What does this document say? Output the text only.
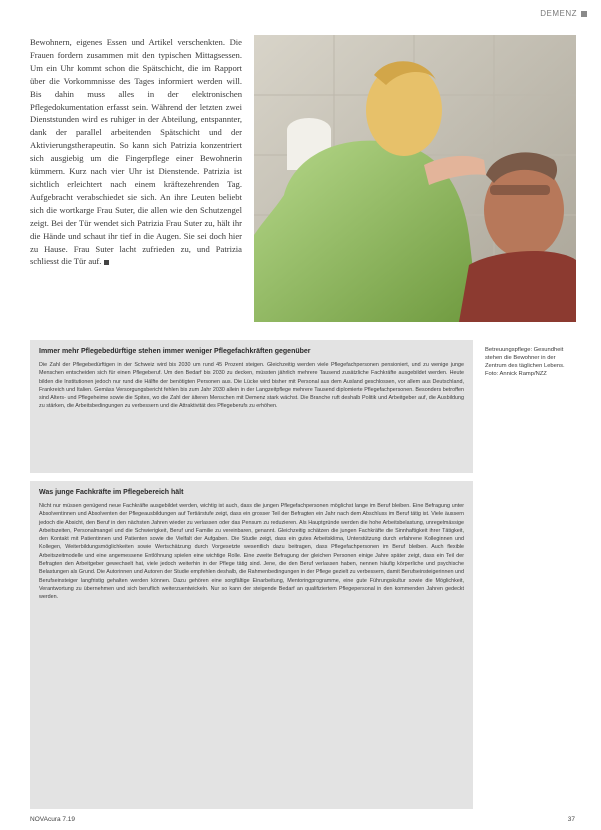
DEMENZ

Bewohnern, eigenes Essen und Artikel verschenkten. Die Frauen fordern zusammen mit den typischen Mittagsessen. Um ein Uhr kommt schon die Spätschicht, die im Rapport über die Vorkommnisse des Tages informiert werden will. Bis dahin muss alles in der elektronischen Pflegedokumentation erfasst sein. Während der letzten zwei Dienststunden wird es ruhiger in der Abteilung, entspannter, dank der parallel arbeitenden Spätschicht und der Aktivierungstherapeutin. So kann sich Patrizia konzentriert sich ausgiebig um die Fingerpflege einer Bewohnerin kümmern. Kurz nach vier Uhr ist Dienstende. Patrizia ist sichtlich erleichtert nach einem kräftezehrenden Tag. Aufgebracht verabschiedet sie sich. An ihre Leuten beliebt sich die wortkarge Frau Suter, die allen wie den Schutzengel zeigt. Bei der Tür wendet sich Patrizia Frau Suter zu, hält ihr die Hände und schaut ihr tief in die Augen. Sie sei doch hier zu Hause. Frau Suter lacht zufrieden zu, und Patrizia schliesst die Tür auf.

Betreuungspflege: Gesundheit stehen die Bewohner in der Zentrum des täglichen Lebens. Foto: Annick Ramp/NZZ
Immer mehr Pflegebedürftige stehen immer weniger Pflegefachkräften gegenüber

Die Zahl der Pflegebedürftigen in der Schweiz wird bis 2030 um rund 45 Prozent steigen. Gleichzeitig werden viele Pflegefachpersonen pensioniert, und zu wenige junge Menschen entscheiden sich für einen Pflegeberuf. Um den Bedarf bis 2030 zu decken, müssten jährlich mehrere Tausend zusätzliche Fachkräfte ausgebildet werden. Heute bilden die Institutionen jedoch nur rund die Hälfte der benötigten Personen aus. Die Lücke wird bisher mit Personal aus dem Ausland geschlossen, vor allem aus Deutschland, Frankreich und Italien. Gemäss Versorgungsbericht fehlen bis zum Jahr 2030 allein in der Langzeitpflege mehrere Tausend diplomierte Pflegefachpersonen. Besonders betroffen sind Alters- und Pflegeheime sowie die Spitex, wo die Zahl der älteren Menschen mit Demenz stark wächst. Die Branche ruft deshalb Politik und Arbeitgeber auf, die Ausbildung zu stärken, die Arbeitsbedingungen zu verbessern und die Attraktivität des Pflegeberufs zu erhöhen.

Was junge Fachkräfte im Pflegebereich hält

Nicht nur müssen genügend neue Fachkräfte ausgebildet werden, wichtig ist auch, dass die jungen Pflegefachpersonen möglichst lange im Beruf bleiben. Eine Befragung unter Absolventinnen und Absolventen der Pflegeausbildungen auf Tertiärstufe zeigt, dass ein grosser Teil der Befragten ein Jahr nach dem Abschluss im Beruf tätig ist. Viele äussern jedoch die Absicht, den Beruf in den nächsten Jahren wieder zu verlassen oder das Pensum zu reduzieren. Als Hauptgründe werden die hohe Arbeitsbelastung, unregelmässige Arbeitszeiten, Personalmangel und die Schwierigkeit, Beruf und Familie zu vereinbaren, genannt. Gleichzeitig schätzen die jungen Fachkräfte die Sinnhaftigkeit ihrer Tätigkeit, den Kontakt mit Patientinnen und Patienten sowie die Vielfalt der Aufgaben. Die Studie zeigt, dass ein gutes Arbeitsklima, Unterstützung durch erfahrene Kolleginnen und Kollegen, Weiterbildungsmöglichkeiten sowie Wertschätzung durch Vorgesetzte wesentlich dazu beitragen, dass Pflegefachpersonen im Beruf bleiben. Auch flexible Arbeitszeitmodelle und eine angemessene Entlöhnung spielen eine wichtige Rolle. Eine zweite Befragung der gleichen Personen einige Jahre später zeigt, dass ein Teil der Befragten den Arbeitgeber gewechselt hat, viele jedoch weiterhin in der Pflege tätig sind. Jene, die den Beruf verlassen haben, nennen häufig körperliche und psychische Belastungen als Grund. Die Autorinnen und Autoren der Studie empfehlen deshalb, die Rahmenbedingungen in der Pflege gezielt zu verbessern, damit Berufseinsteigerinnen und Berufseinsteiger langfristig gehalten werden können. Dazu gehören eine sorgfältige Einarbeitung, Mentoringprogramme, eine gute Führungskultur sowie die Möglichkeit, Verantwortung zu übernehmen und sich beruflich weiterzuentwickeln. Nur so kann der steigende Bedarf an qualifiziertem Pflegepersonal in den kommenden Jahren gedeckt werden.

NOVAcura 7.19	37
